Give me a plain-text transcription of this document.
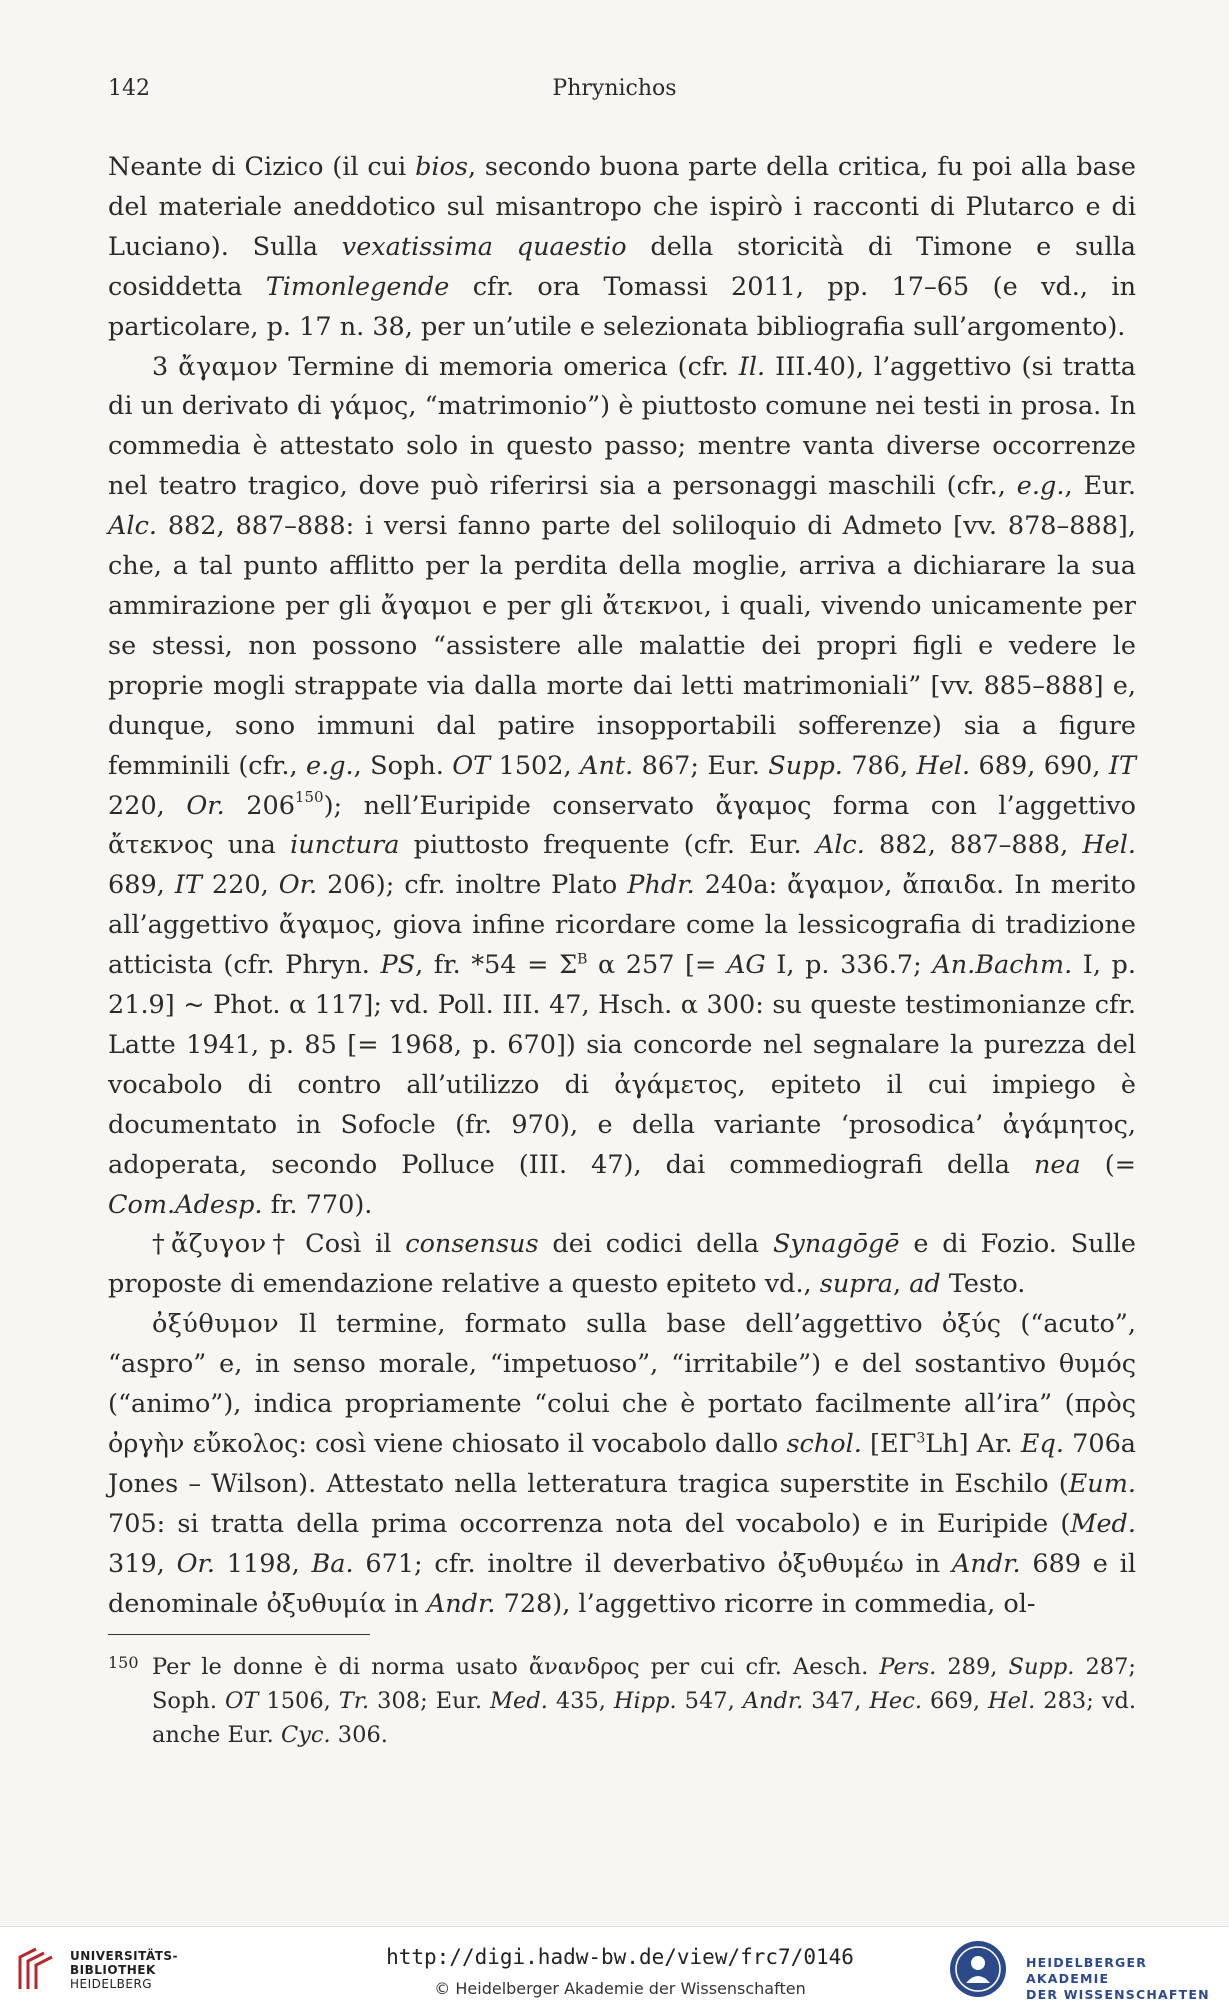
142	Phrynichos

Neante di Cizico (il cui bios, secondo buona parte della critica, fu poi alla base del materiale aneddotico sul misantropo che ispirò i racconti di Plutarco e di Luciano). Sulla vexatissima quaestio della storicità di Timone e sulla cosiddetta Timonlegende cfr. ora Tomassi 2011, pp. 17–65 (e vd., in particolare, p. 17 n. 38, per un’utile e selezionata bibliografia sull’argomento).

3 ἄγαμον Termine di memoria omerica (cfr. Il. III.40), l’aggettivo (si tratta di un derivato di γάμος, “matrimonio”) è piuttosto comune nei testi in prosa. In commedia è attestato solo in questo passo; mentre vanta diverse occorrenze nel teatro tragico, dove può riferirsi sia a personaggi maschili (cfr., e.g., Eur. Alc. 882, 887–888: i versi fanno parte del soliloquio di Admeto [vv. 878–888], che, a tal punto afflitto per la perdita della moglie, arriva a dichiarare la sua ammirazione per gli ἄγαμοι e per gli ἄτεκνοι, i quali, vivendo unicamente per se stessi, non possono “assistere alle malattie dei propri figli e vedere le proprie mogli strappate via dalla morte dai letti matrimoniali” [vv. 885–888] e, dunque, sono immuni dal patire insopportabili sofferenze) sia a figure femminili (cfr., e.g., Soph. OT 1502, Ant. 867; Eur. Supp. 786, Hel. 689, 690, IT 220, Or. 206$^{150}$); nell’Euripide conservato ἄγαμος forma con l’aggettivo ἄτεκνος una iunctura piuttosto frequente (cfr. Eur. Alc. 882, 887–888, Hel. 689, IT 220, Or. 206); cfr. inoltre Plato Phdr. 240a: ἄγαμον, ἄπαιδα. In merito all’aggettivo ἄγαμος, giova infine ricordare come la lessicografia di tradizione atticista (cfr. Phryn. PS, fr. $*54 = \Sigma^B$ α 257 [= AG I, p. 336.7; An.Bachm. I, p. 21.9] ~ Phot. α 117]; vd. Poll. III. 47, Hsch. α 300: su queste testimonianze cfr. Latte 1941, p. 85 [= 1968, p. 670]) sia concorde nel segnalare la purezza del vocabolo di contro all’utilizzo di ἀγάμετος, epiteto il cui impiego è documentato in Sofocle (fr. 970), e della variante ‘prosodica’ ἀγάμητος, adoperata, secondo Polluce (III. 47), dai commediografi della nea (= Com.Adesp. fr. 770).

†ἄζυγον† Così il consensus dei codici della Synagōgē e di Fozio. Sulle proposte di emendazione relative a questo epiteto vd., supra, ad Testo.

ὀξύθυμον Il termine, formato sulla base dell’aggettivo ὀξύς (“acuto”, “aspro” e, in senso morale, “impetuoso”, “irritabile”) e del sostantivo θυμός (“animo”), indica propriamente “colui che è portato facilmente all’ira” (πρὸς ὀργὴν εὔκολος: così viene chiosato il vocabolo dallo schol. $[E\Gamma^3Lh]$ Ar. Eq. 706a Jones – Wilson). Attestato nella letteratura tragica superstite in Eschilo (Eum. 705: si tratta della prima occorrenza nota del vocabolo) e in Euripide (Med. 319, Or. 1198, Ba. 671; cfr. inoltre il deverbativo ὀξυθυμέω in Andr. 689 e il denominale ὀξυθυμία in Andr. 728), l’aggettivo ricorre in commedia, ol-

150 Per le donne è di norma usato ἄνανδρος per cui cfr. Aesch. Pers. 289, Supp. 287; Soph. OT 1506, Tr. 308; Eur. Med. 435, Hipp. 547, Andr. 347, Hec. 669, Hel. 283; vd. anche Eur. Cyc. 306.
UNIVERSITÄTS-
BIBLIOTHEK
HEIDELBERG
http://digi.hadw-bw.de/view/frc7/0146
© Heidelberger Akademie der Wissenschaften
HEIDELBERGER AKADEMIE
DER WISSENSCHAFTEN
